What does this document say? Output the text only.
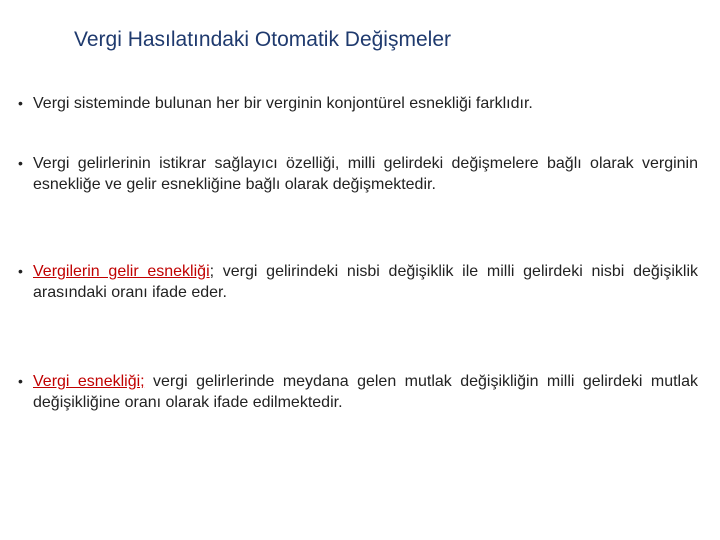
Vergi Hasılatındaki Otomatik Değişmeler
• Vergi sisteminde bulunan her bir verginin konjontürel esnekliği farklıdır.
• Vergi gelirlerinin istikrar sağlayıcı özelliği, milli gelirdeki değişmelere bağlı olarak verginin esnekliğe ve gelir esnekliğine bağlı olarak değişmektedir.
• Vergilerin gelir esnekliği; vergi gelirindeki nisbi değişiklik ile milli gelirdeki nisbi değişiklik arasındaki oranı ifade eder.
• Vergi esnekliği; vergi gelirlerinde meydana gelen mutlak değişikliğin milli gelirdeki mutlak değişikliğine oranı olarak ifade edilmektedir.
